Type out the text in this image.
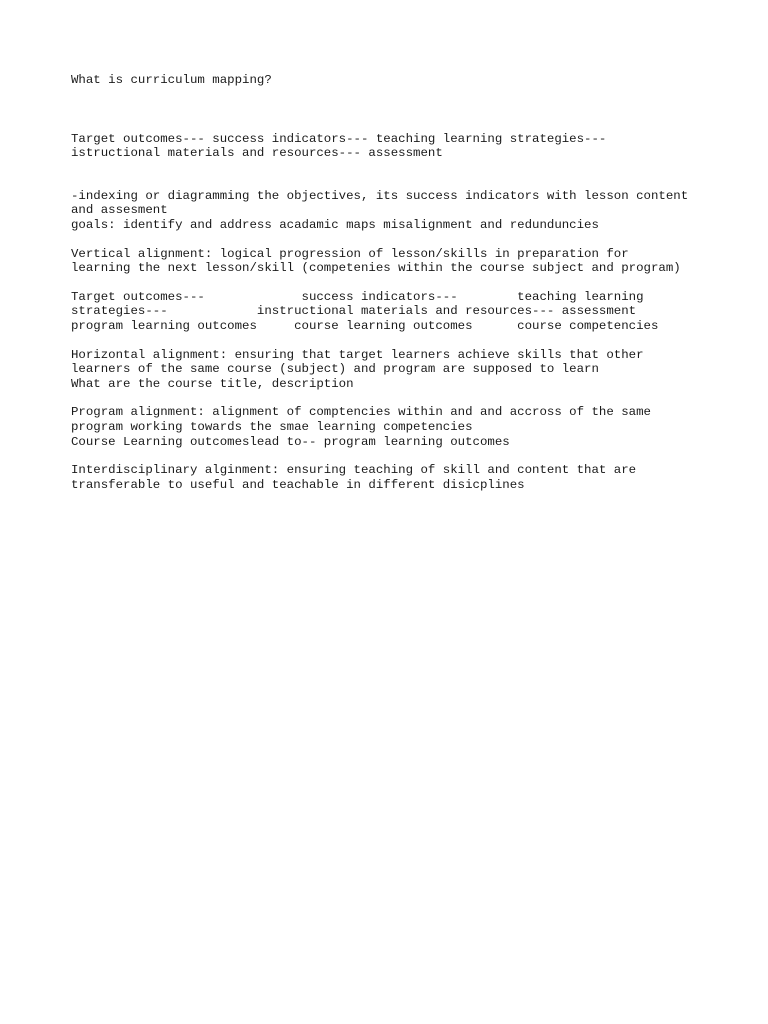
What is curriculum mapping?
Target outcomes--- success indicators--- teaching learning strategies---
istructional materials and resources--- assessment
-indexing or diagramming the objectives, its success indicators with lesson content
and assesment
goals: identify and address acadamic maps misalignment and redunduncies
Vertical alignment: logical progression of lesson/skills in preparation for
learning the next lesson/skill (competenies within the course subject and program)
Target outcomes---             success indicators---        teaching learning
strategies---            instructional materials and resources--- assessment
program learning outcomes     course learning outcomes      course competencies
Horizontal alignment: ensuring that target learners achieve skills that other
learners of the same course (subject) and program are supposed to learn
What are the course title, description
Program alignment: alignment of comptencies within and and accross of the same
program working towards the smae learning competencies
Course Learning outcomeslead to-- program learning outcomes
Interdisciplinary alginment: ensuring teaching of skill and content that are
transferable to useful and teachable in different disicplines
